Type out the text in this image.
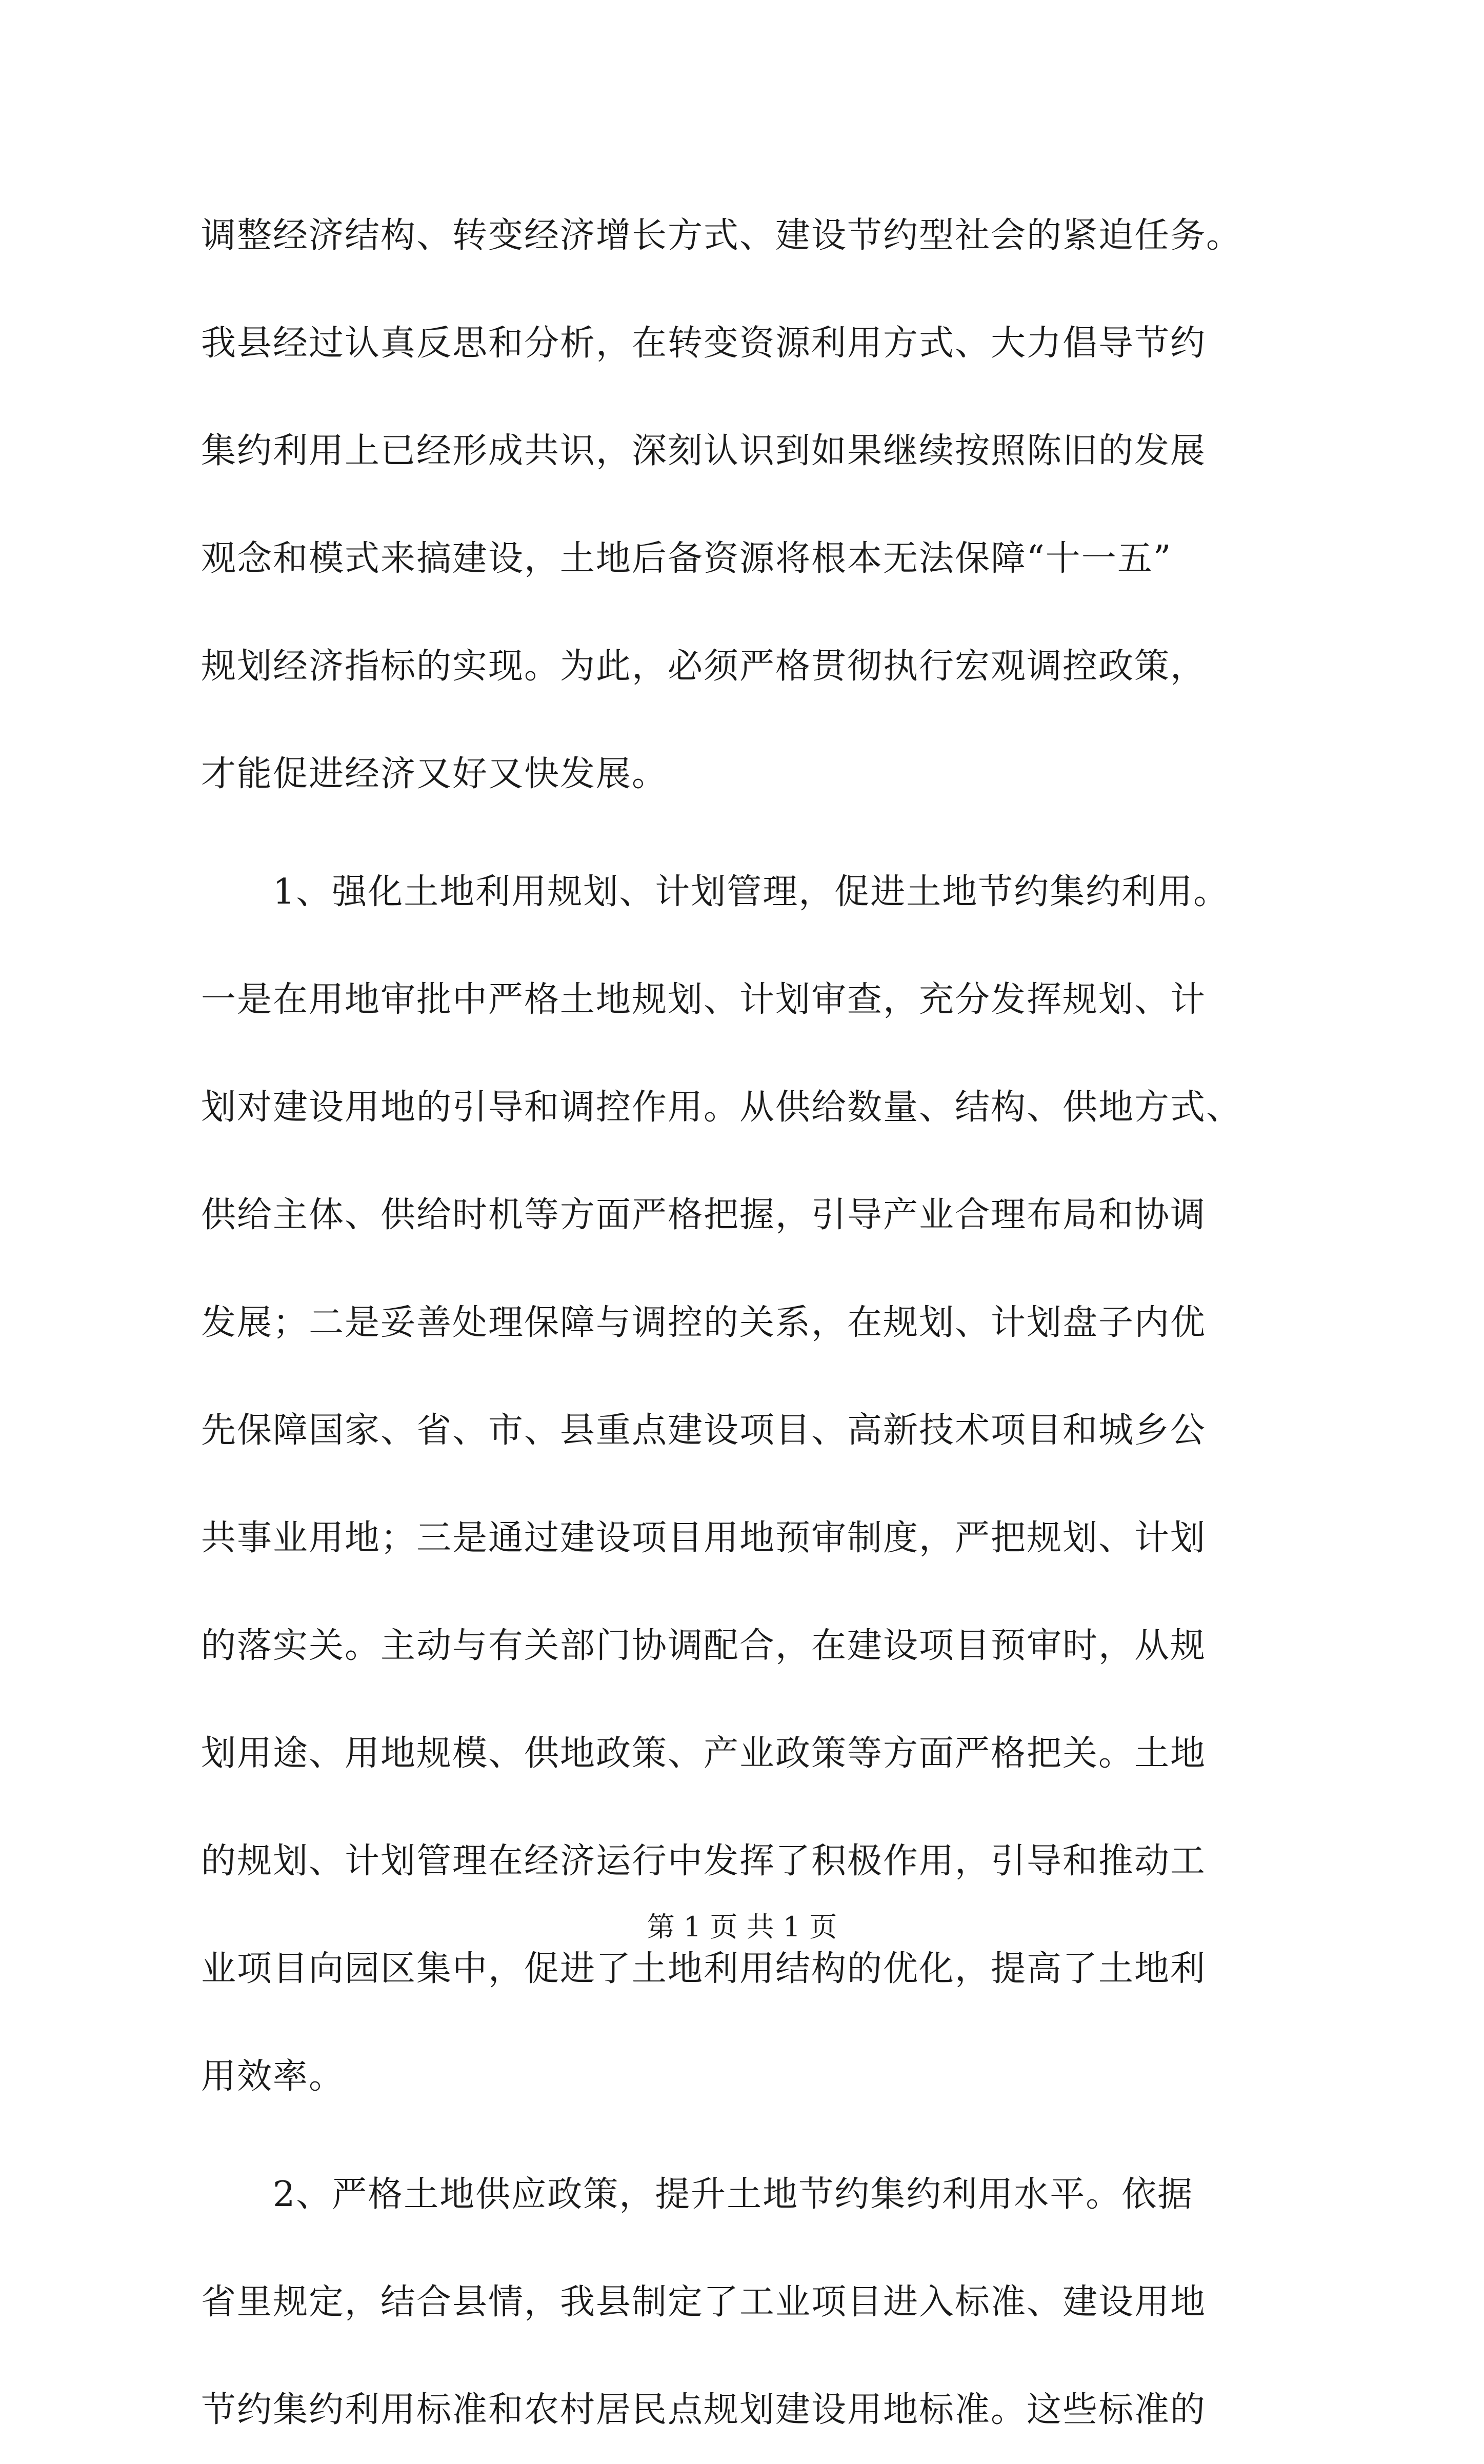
调整经济结构、转变经济增长方式、建设节约型社会的紧迫任务。
我县经过认真反思和分析，在转变资源利用方式、大力倡导节约
集约利用上已经形成共识，深刻认识到如果继续按照陈旧的发展
观念和模式来搞建设，土地后备资源将根本无法保障“十一五”
规划经济指标的实现。为此，必须严格贯彻执行宏观调控政策，
才能促进经济又好又快发展。
　　1、强化土地利用规划、计划管理，促进土地节约集约利用。
一是在用地审批中严格土地规划、计划审查，充分发挥规划、计
划对建设用地的引导和调控作用。从供给数量、结构、供地方式、
供给主体、供给时机等方面严格把握，引导产业合理布局和协调
发展；二是妥善处理保障与调控的关系，在规划、计划盘子内优
先保障国家、省、市、县重点建设项目、高新技术项目和城乡公
共事业用地；三是通过建设项目用地预审制度，严把规划、计划
的落实关。主动与有关部门协调配合，在建设项目预审时，从规
划用途、用地规模、供地政策、产业政策等方面严格把关。土地
的规划、计划管理在经济运行中发挥了积极作用，引导和推动工
业项目向园区集中，促进了土地利用结构的优化，提高了土地利
用效率。
　　2、严格土地供应政策，提升土地节约集约利用水平。依据
省里规定，结合县情，我县制定了工业项目进入标准、建设用地
节约集约利用标准和农村居民点规划建设用地标准。这些标准的
第 1 页 共 1 页
